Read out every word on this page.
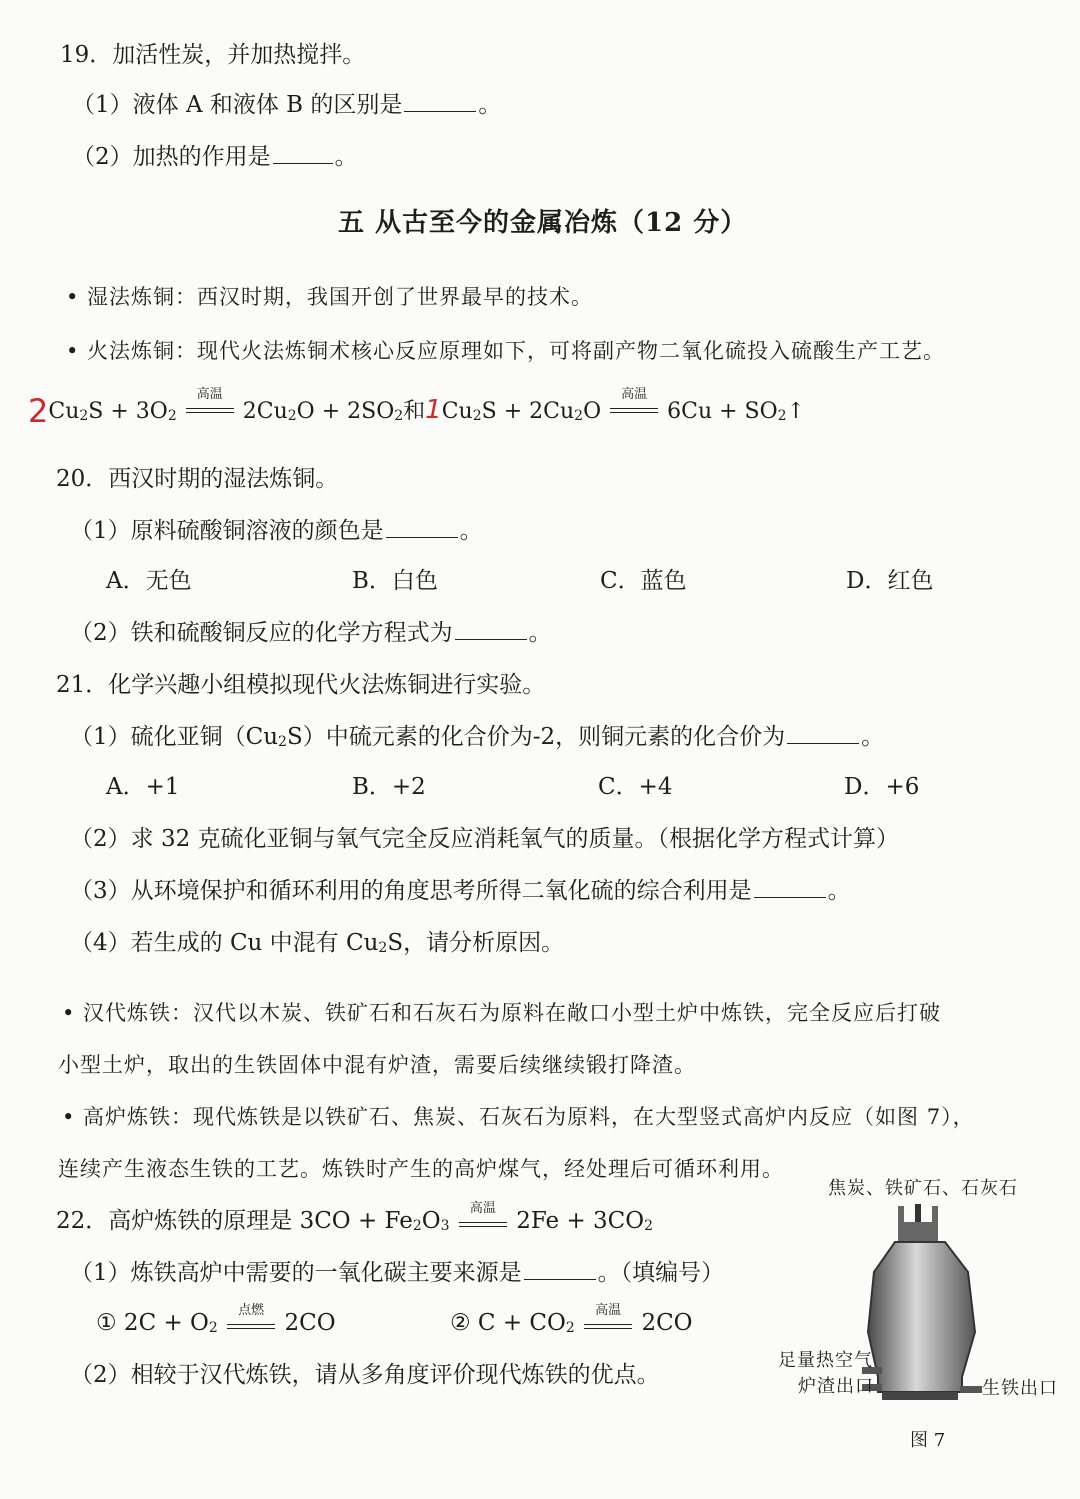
19．加活性炭，并加热搅拌。
（1）液体 A 和液体 B 的区别是	。
（2）加热的作用是	。
五 从古至今的金属冶炼（12 分）
• 湿法炼铜：西汉时期，我国开创了世界最早的技术。
• 火法炼铜：现代火法炼铜术核心反应原理如下，可将副产物二氧化硫投入硫酸生产工艺。
2Cu2S + 3O2
高温
2Cu2O + 2SO2和1Cu2S + 2Cu2O
高温
6Cu + SO2↑
20．西汉时期的湿法炼铜。
（1）原料硫酸铜溶液的颜色是	。
A．无色	B．白色	C．蓝色	D．红色
（2）铁和硫酸铜反应的化学方程式为	。
21．化学兴趣小组模拟现代火法炼铜进行实验。
（1）硫化亚铜（Cu2S）中硫元素的化合价为-2，则铜元素的化合价为	。
A．+1	B．+2	C．+4	D．+6
（2）求 32 克硫化亚铜与氧气完全反应消耗氧气的质量。（根据化学方程式计算）
（3）从环境保护和循环利用的角度思考所得二氧化硫的综合利用是	。
（4）若生成的 Cu 中混有 Cu2S，请分析原因。
• 汉代炼铁：汉代以木炭、铁矿石和石灰石为原料在敞口小型土炉中炼铁，完全反应后打破
小型土炉，取出的生铁固体中混有炉渣，需要后续继续锻打降渣。
• 高炉炼铁：现代炼铁是以铁矿石、焦炭、石灰石为原料，在大型竖式高炉内反应（如图 7），
连续产生液态生铁的工艺。炼铁时产生的高炉煤气，经处理后可循环利用。
22．高炉炼铁的原理是 3CO + Fe2O3
高温 2Fe + 3CO2
（1）炼铁高炉中需要的一氧化碳主要来源是	。（填编号）
① 2C + O2
点燃 2CO	② C + CO2
高温 2CO
（2）相较于汉代炼铁，请从多角度评价现代炼铁的优点。
焦炭、铁矿石、石灰石
足量热空气
炉渣出口	生铁出口
图 7
